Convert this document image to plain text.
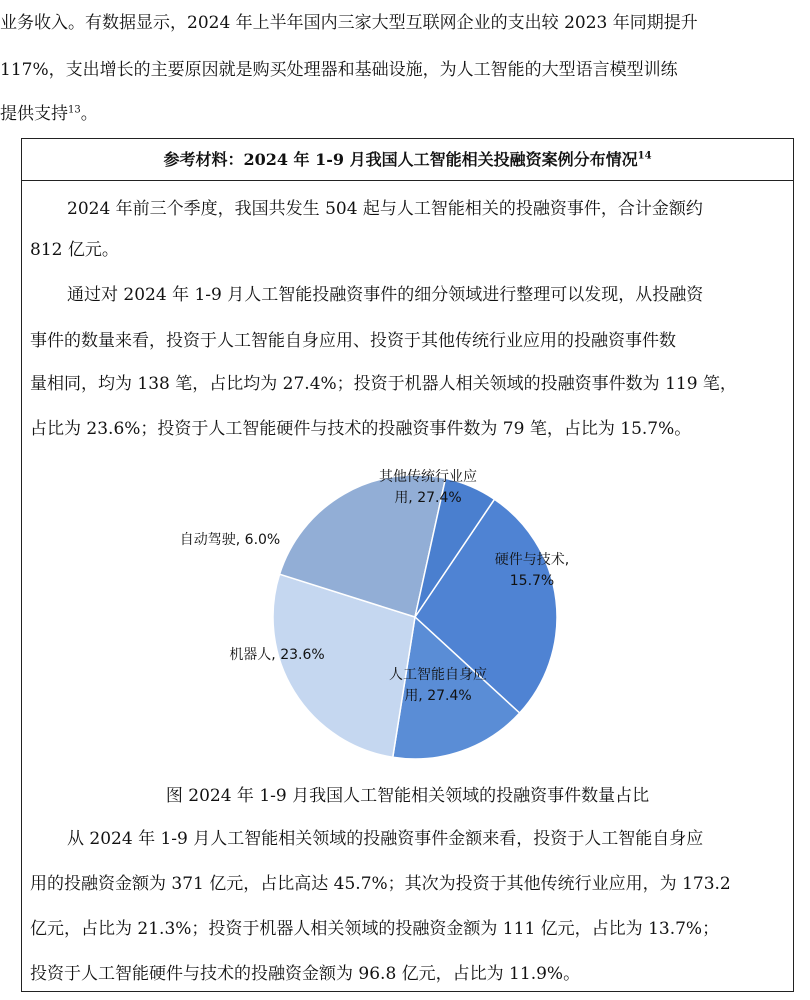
业务收入。有数据显示，2024 年上半年国内三家大型互联网企业的支出较 2023 年同期提升
117%，支出增长的主要原因就是购买处理器和基础设施，为人工智能的大型语言模型训练
提供支持$^{13}$。
参考材料：2024 年 1-9 月我国人工智能相关投融资案例分布情况$^{14}$
2024 年前三个季度，我国共发生 504 起与人工智能相关的投融资事件，合计金额约
812 亿元。
通过对 2024 年 1-9 月人工智能投融资事件的细分领域进行整理可以发现，从投融资
事件的数量来看，投资于人工智能自身应用、投资于其他传统行业应用的投融资事件数
量相同，均为 138 笔，占比均为 27.4%；投资于机器人相关领域的投融资事件数为 119 笔，
占比为 23.6%；投资于人工智能硬件与技术的投融资事件数为 79 笔，占比为 15.7%。
其他传统行业应用, 27.4%
硬件与技术, 15.7%
人工智能自身应用, 27.4%
机器人, 23.6%
自动驾驶, 6.0%
图 2024 年 1-9 月我国人工智能相关领域的投融资事件数量占比
从 2024 年 1-9 月人工智能相关领域的投融资事件金额来看，投资于人工智能自身应
用的投融资金额为 371 亿元，占比高达 45.7%；其次为投资于其他传统行业应用，为 173.2
亿元，占比为 21.3%；投资于机器人相关领域的投融资金额为 111 亿元，占比为 13.7%；
投资于人工智能硬件与技术的投融资金额为 96.8 亿元，占比为 11.9%。
